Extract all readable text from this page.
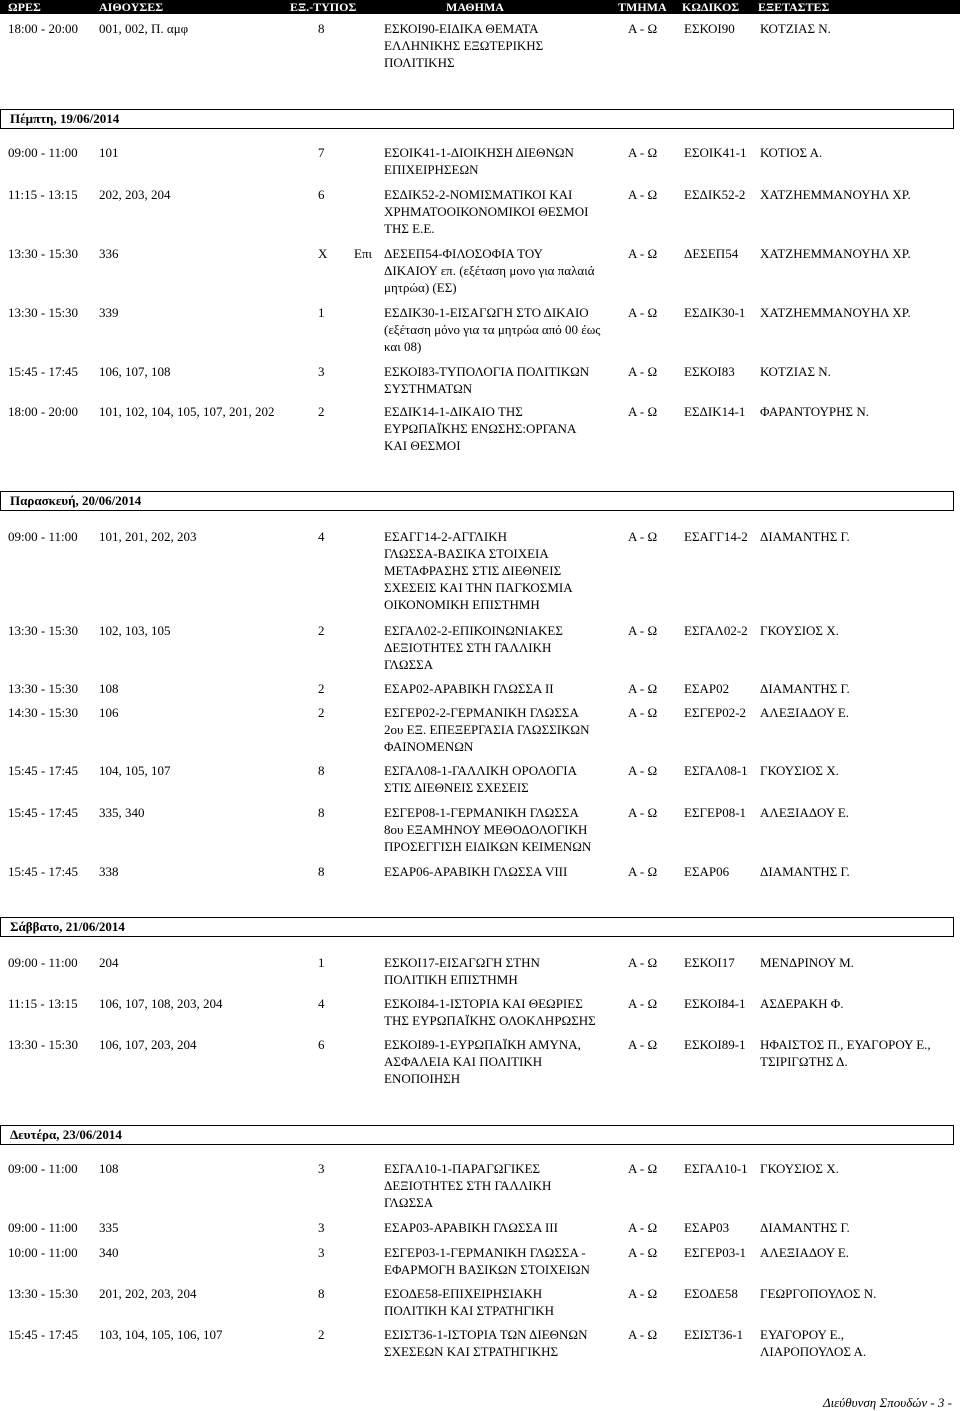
ΩΡΕΣ	ΑΙΘΟΥΣΕΣ	ΕΞ.-ΤΥΠΟΣ	ΜΑΘΗΜΑ	ΤΜΗΜΑ ΚΩΔΙΚΟΣ ΕΞΕΤΑΣΤΕΣ
18:00 - 20:00 001, 002, Π. αμφ	8	ΕΣΚΟΙ90-ΕΙΔΙΚΑ ΘΕΜΑΤΑ
ΕΛΛΗΝΙΚΗΣ ΕΞΩΤΕΡΙΚΗΣ
ΠΟΛΙΤΙΚΗΣ
Α - Ω ΕΣΚΟΙ90 ΚΟΤΖΙΑΣ Ν.
Πέμπτη, 19/06/2014
09:00 - 11:00 101	7	ΕΣΟΙΚ41-1-ΔΙΟΙΚΗΣΗ ΔΙΕΘΝΩΝ
ΕΠΙΧΕΙΡΗΣΕΩΝ
Α - Ω ΕΣΟΙΚ41-1 ΚΟΤΙΟΣ Α.
11:15 - 13:15 202, 203, 204	6	ΕΣΔΙΚ52-2-ΝΟΜΙΣΜΑΤΙΚΟΙ ΚΑΙ
ΧΡΗΜΑΤΟΟΙΚΟΝΟΜΙΚΟΙ ΘΕΣΜΟΙ
ΤΗΣ Ε.Ε.
Α - Ω ΕΣΔΙΚ52-2 ΧΑΤΖΗΕΜΜΑΝΟΥΗΛ ΧΡ.
13:30 - 15:30 336	Χ Επι ΔΕΣΕΠ54-ΦΙΛΟΣΟΦΙΑ ΤΟΥ
ΔΙΚΑΙΟΥ επ. (εξέταση μονο για παλαιά
μητρώα) (ΕΣ)
Α - Ω ΔΕΣΕΠ54 ΧΑΤΖΗΕΜΜΑΝΟΥΗΛ ΧΡ.
13:30 - 15:30 339	1	ΕΣΔΙΚ30-1-ΕΙΣΑΓΩΓΗ ΣΤΟ ΔΙΚΑΙΟ
(εξέταση μόνο για τα μητρώα από 00 έως
και 08)
Α - Ω ΕΣΔΙΚ30-1 ΧΑΤΖΗΕΜΜΑΝΟΥΗΛ ΧΡ.
15:45 - 17:45 106, 107, 108	3	ΕΣΚΟΙ83-ΤΥΠΟΛΟΓΙΑ ΠΟΛΙΤΙΚΩΝ
ΣΥΣΤΗΜΑΤΩΝ
Α - Ω ΕΣΚΟΙ83 ΚΟΤΖΙΑΣ Ν.
18:00 - 20:00 101, 102, 104, 105, 107, 201, 202	2	ΕΣΔΙΚ14-1-ΔΙΚΑΙΟ ΤΗΣ
ΕΥΡΩΠΑΪΚΗΣ ΕΝΩΣΗΣ:ΟΡΓΑΝΑ
ΚΑΙ ΘΕΣΜΟΙ
Α - Ω ΕΣΔΙΚ14-1 ΦΑΡΑΝΤΟΥΡΗΣ Ν.
Παρασκευή, 20/06/2014
09:00 - 11:00 101, 201, 202, 203	4	ΕΣΑΓΓ14-2-ΑΓΓΛΙΚΗ
ΓΛΩΣΣΑ-ΒΑΣΙΚΑ ΣΤΟΙΧΕΙΑ
ΜΕΤΑΦΡΑΣΗΣ ΣΤΙΣ ΔΙΕΘΝΕΙΣ
ΣΧΕΣΕΙΣ ΚΑΙ ΤΗΝ ΠΑΓΚΟΣΜΙΑ
ΟΙΚΟΝΟΜΙΚΗ ΕΠΙΣΤΗΜΗ
Α - Ω ΕΣΑΓΓ14-2 ΔΙΑΜΑΝΤΗΣ Γ.
13:30 - 15:30 102, 103, 105	2	ΕΣΓΑΛ02-2-ΕΠΙΚΟΙΝΩΝΙΑΚΕΣ
ΔΕΞΙΟΤΗΤΕΣ ΣΤΗ ΓΑΛΛΙΚΗ
ΓΛΩΣΣΑ
Α - Ω ΕΣΓΑΛ02-2 ΓΚΟΥΣΙΟΣ Χ.
13:30 - 15:30 108	2	ΕΣΑΡ02-ΑΡΑΒΙΚΗ ΓΛΩΣΣΑ ΙΙ	Α - Ω ΕΣΑΡ02 ΔΙΑΜΑΝΤΗΣ Γ.
14:30 - 15:30 106	2	ΕΣΓΕΡ02-2-ΓΕΡΜΑΝΙΚΗ ΓΛΩΣΣΑ
2ου ΕΞ. ΕΠΕΞΕΡΓΑΣΙΑ ΓΛΩΣΣΙΚΩΝ
ΦΑΙΝΟΜΕΝΩΝ
Α - Ω ΕΣΓΕΡ02-2 ΑΛΕΞΙΑΔΟΥ Ε.
15:45 - 17:45 104, 105, 107	8	ΕΣΓΑΛ08-1-ΓΑΛΛΙΚΗ ΟΡΟΛΟΓΙΑ
ΣΤΙΣ ΔΙΕΘΝΕΙΣ ΣΧΕΣΕΙΣ
Α - Ω ΕΣΓΑΛ08-1 ΓΚΟΥΣΙΟΣ Χ.
15:45 - 17:45 335, 340	8	ΕΣΓΕΡ08-1-ΓΕΡΜΑΝΙΚΗ ΓΛΩΣΣΑ
8ου ΕΞΑΜΗΝΟΥ ΜΕΘΟΔΟΛΟΓΙΚΗ
ΠΡΟΣΕΓΓΙΣΗ ΕΙΔΙΚΩΝ ΚΕΙΜΕΝΩΝ
Α - Ω ΕΣΓΕΡ08-1 ΑΛΕΞΙΑΔΟΥ Ε.
15:45 - 17:45 338	8	ΕΣΑΡ06-ΑΡΑΒΙΚΗ ΓΛΩΣΣΑ VIII	Α - Ω ΕΣΑΡ06 ΔΙΑΜΑΝΤΗΣ Γ.
Σάββατο, 21/06/2014
09:00 - 11:00 204	1	ΕΣΚΟΙ17-ΕΙΣΑΓΩΓΗ ΣΤΗΝ
ΠΟΛΙΤΙΚΗ ΕΠΙΣΤΗΜΗ
Α - Ω ΕΣΚΟΙ17 ΜΕΝΔΡΙΝΟΥ Μ.
11:15 - 13:15 106, 107, 108, 203, 204	4	ΕΣΚΟΙ84-1-ΙΣΤΟΡΙΑ ΚΑΙ ΘΕΩΡΙΕΣ
ΤΗΣ ΕΥΡΩΠΑΪΚΗΣ ΟΛΟΚΛΗΡΩΣΗΣ
Α - Ω ΕΣΚΟΙ84-1 ΑΣΔΕΡΑΚΗ Φ.
13:30 - 15:30 106, 107, 203, 204	6	ΕΣΚΟΙ89-1-ΕΥΡΩΠΑΪΚΗ ΑΜΥΝΑ,
ΑΣΦΑΛΕΙΑ ΚΑΙ ΠΟΛΙΤΙΚΗ
ΕΝΟΠΟΙΗΣΗ
Α - Ω ΕΣΚΟΙ89-1 ΗΦΑΙΣΤΟΣ Π., ΕΥΑΓΟΡΟΥ Ε.,
ΤΣΙΡΙΓΩΤΗΣ Δ.
Δευτέρα, 23/06/2014
09:00 - 11:00 108	3	ΕΣΓΑΛ10-1-ΠΑΡΑΓΩΓΙΚΕΣ
ΔΕΞΙΟΤΗΤΕΣ ΣΤΗ ΓΑΛΛΙΚΗ
ΓΛΩΣΣΑ
Α - Ω ΕΣΓΑΛ10-1 ΓΚΟΥΣΙΟΣ Χ.
09:00 - 11:00 335	3	ΕΣΑΡ03-ΑΡΑΒΙΚΗ ΓΛΩΣΣΑ ΙΙΙ	Α - Ω ΕΣΑΡ03 ΔΙΑΜΑΝΤΗΣ Γ.
10:00 - 11:00 340	3	ΕΣΓΕΡ03-1-ΓΕΡΜΑΝΙΚΗ ΓΛΩΣΣΑ -
ΕΦΑΡΜΟΓΗ ΒΑΣΙΚΩΝ ΣΤΟΙΧΕΙΩΝ
Α - Ω ΕΣΓΕΡ03-1 ΑΛΕΞΙΑΔΟΥ Ε.
13:30 - 15:30 201, 202, 203, 204	8	ΕΣΟΔΕ58-ΕΠΙΧΕΙΡΗΣΙΑΚΗ
ΠΟΛΙΤΙΚΗ ΚΑΙ ΣΤΡΑΤΗΓΙΚΗ
Α - Ω ΕΣΟΔΕ58 ΓΕΩΡΓΟΠΟΥΛΟΣ Ν.
15:45 - 17:45 103, 104, 105, 106, 107	2	ΕΣΙΣΤ36-1-ΙΣΤΟΡΙΑ ΤΩΝ ΔΙΕΘΝΩΝ
ΣΧΕΣΕΩΝ ΚΑΙ ΣΤΡΑΤΗΓΙΚΗΣ
Α - Ω ΕΣΙΣΤ36-1 ΕΥΑΓΟΡΟΥ Ε.,
ΛΙΑΡΟΠΟΥΛΟΣ Α.
Διεύθυνση Σπουδών - 3 -
